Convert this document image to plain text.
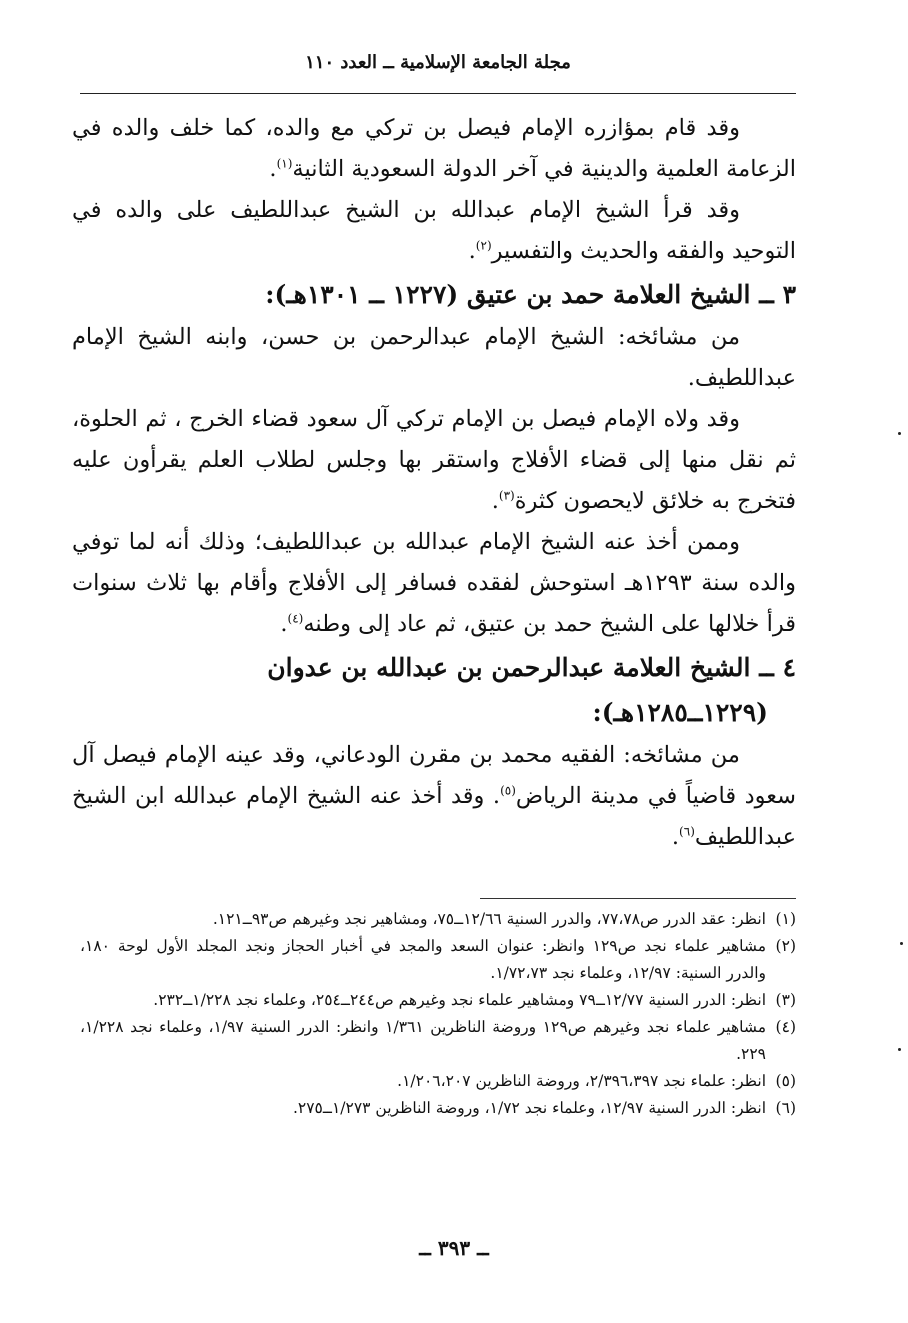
مجلة الجامعة الإسلامية ــ العدد ١١٠

وقد قام بمؤازره الإمام فيصل بن تركي مع والده، كما خلف والده في الزعامة العلمية والدينية في آخر الدولة السعودية الثانية$^{(١)}$.

وقد قرأ الشيخ الإمام عبدالله بن الشيخ عبداللطيف على والده في التوحيد والفقه والحديث والتفسير$^{(٢)}$.

٣ ــ الشيخ العلامة حمد بن عتيق (١٢٢٧ ــ ١٣٠١هـ):

من مشائخه: الشيخ الإمام عبدالرحمن بن حسن، وابنه الشيخ الإمام عبداللطيف.

وقد ولاه الإمام فيصل بن الإمام تركي آل سعود قضاء الخرج ، ثم الحلوة، ثم نقل منها إلى قضاء الأفلاج واستقر بها وجلس لطلاب العلم يقرأون عليه فتخرج به خلائق لايحصون كثرة$^{(٣)}$.

وممن أخذ عنه الشيخ الإمام عبدالله بن عبداللطيف؛ وذلك أنه لما توفي والده سنة ١٢٩٣هـ استوحش لفقده فسافر إلى الأفلاج وأقام بها ثلاث سنوات قرأ خلالها على الشيخ حمد بن عتيق، ثم عاد إلى وطنه$^{(٤)}$.

٤ ــ الشيخ العلامة عبدالرحمن بن عبدالله بن عدوان
(١٢٢٩ــ١٢٨٥هـ):

من مشائخه: الفقيه محمد بن مقرن الودعاني، وقد عينه الإمام فيصل آل سعود قاضياً في مدينة الرياض$^{(٥)}$. وقد أخذ عنه الشيخ الإمام عبدالله ابن الشيخ عبداللطيف$^{(٦)}$.

(١)
انظر: عقد الدرر ص٧٧،٧٨، والدرر السنية ١٢/٦٦ــ٧٥، ومشاهير نجد وغيرهم ص٩٣ــ١٢١.

(٢)
مشاهير علماء نجد ص١٢٩ وانظر: عنوان السعد والمجد في أخبار الحجاز ونجد المجلد الأول لوحة ١٨٠، والدرر السنية: ١٢/٩٧، وعلماء نجد ١/٧٢،٧٣.

(٣)
انظر: الدرر السنية ١٢/٧٧ــ٧٩ ومشاهير علماء نجد وغيرهم ص٢٤٤ــ٢٥٤، وعلماء نجد ١/٢٢٨ــ٢٣٢.

(٤)
مشاهير علماء نجد وغيرهم ص١٢٩ وروضة الناظرين ١/٣٦١ وانظر: الدرر السنية ١/٩٧، وعلماء نجد ١/٢٢٨، ٢٢٩.

(٥)
انظر: علماء نجد ٢/٣٩٦،٣٩٧، وروضة الناظرين ١/٢٠٦،٢٠٧.

(٦)
انظر: الدرر السنية ١٢/٩٧، وعلماء نجد ١/٧٢، وروضة الناظرين ١/٢٧٣ــ٢٧٥.

ــ ٣٩٣ ــ
